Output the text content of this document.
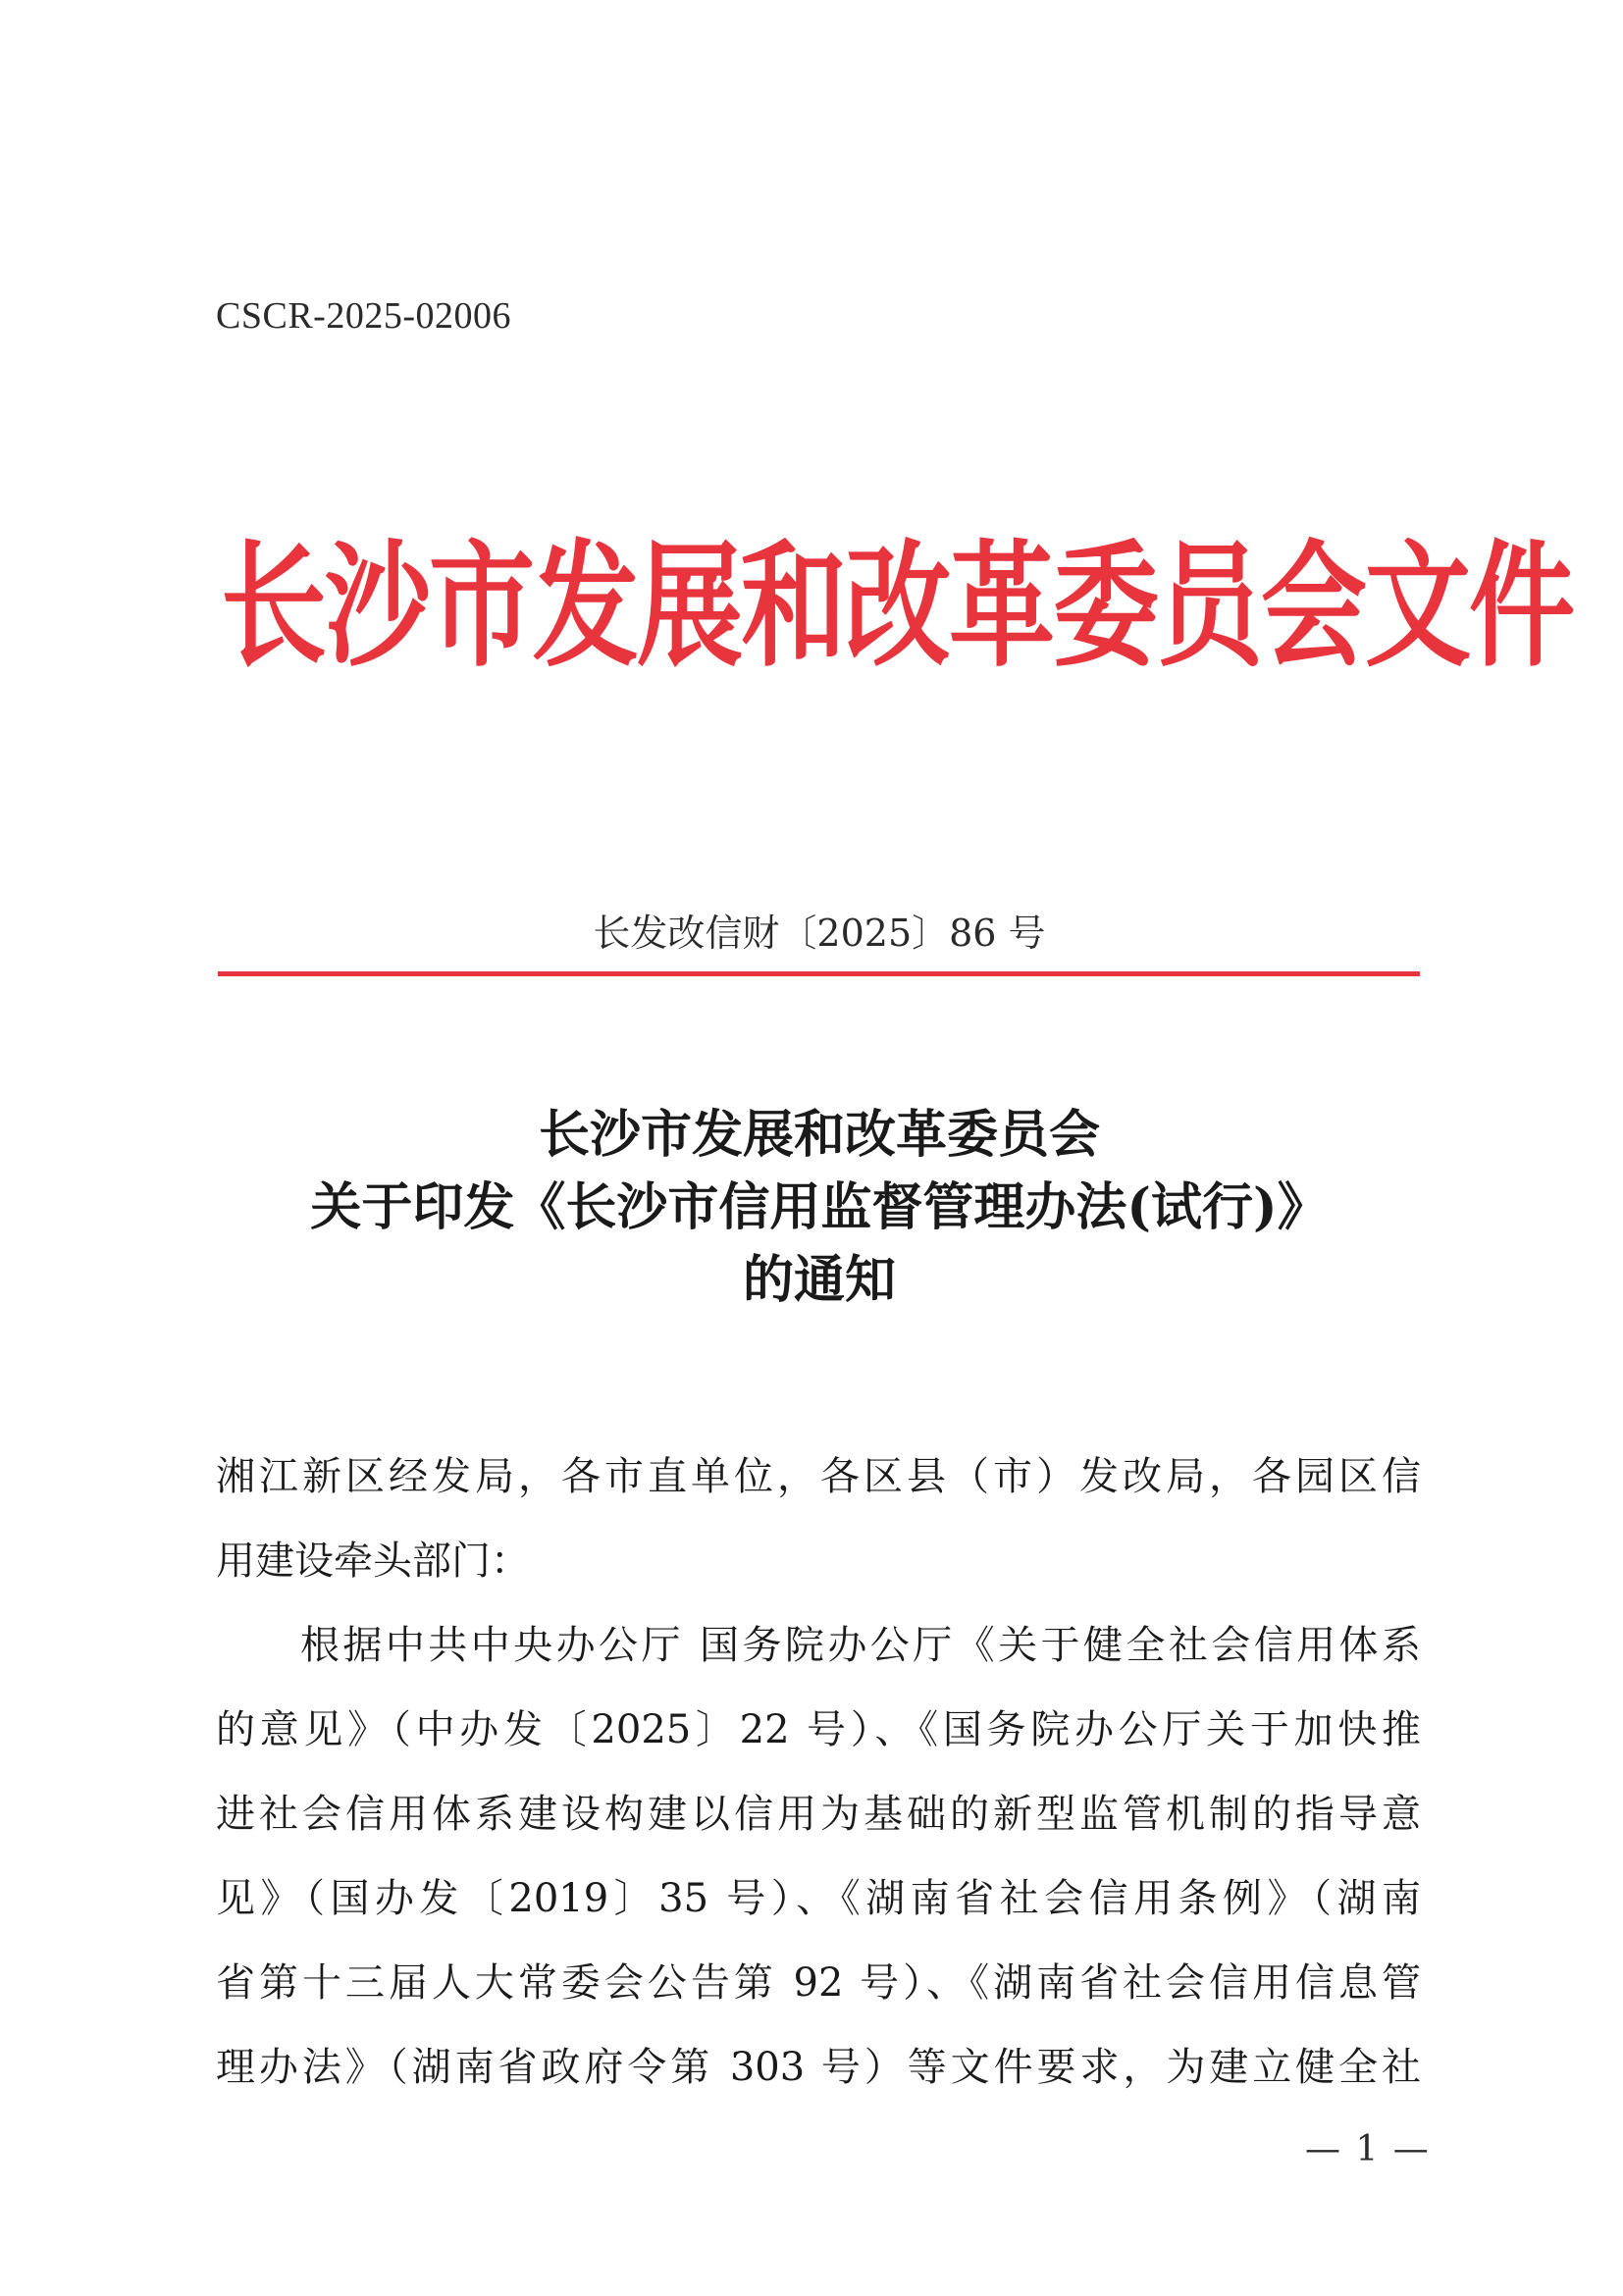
CSCR-2025-02006

长沙市发展和改革委员会文件

长发改信财〔2025〕86 号

长沙市发展和改革委员会
关于印发《长沙市信用监督管理办法(试行)》
的通知
湘江新区经发局，各市直单位，各区县（市）发改局，各园区信
用建设牵头部门：
根据中共中央办公厅 国务院办公厅《关于健全社会信用体系
的意见》（中办发〔2025〕22 号）、《国务院办公厅关于加快推
进社会信用体系建设构建以信用为基础的新型监管机制的指导意
见》（国办发〔2019〕35 号）、《湖南省社会信用条例》（湖南
省第十三届人大常委会公告第 92 号）、《湖南省社会信用信息管
理办法》（湖南省政府令第 303 号）等文件要求，为建立健全社

— 1 —
